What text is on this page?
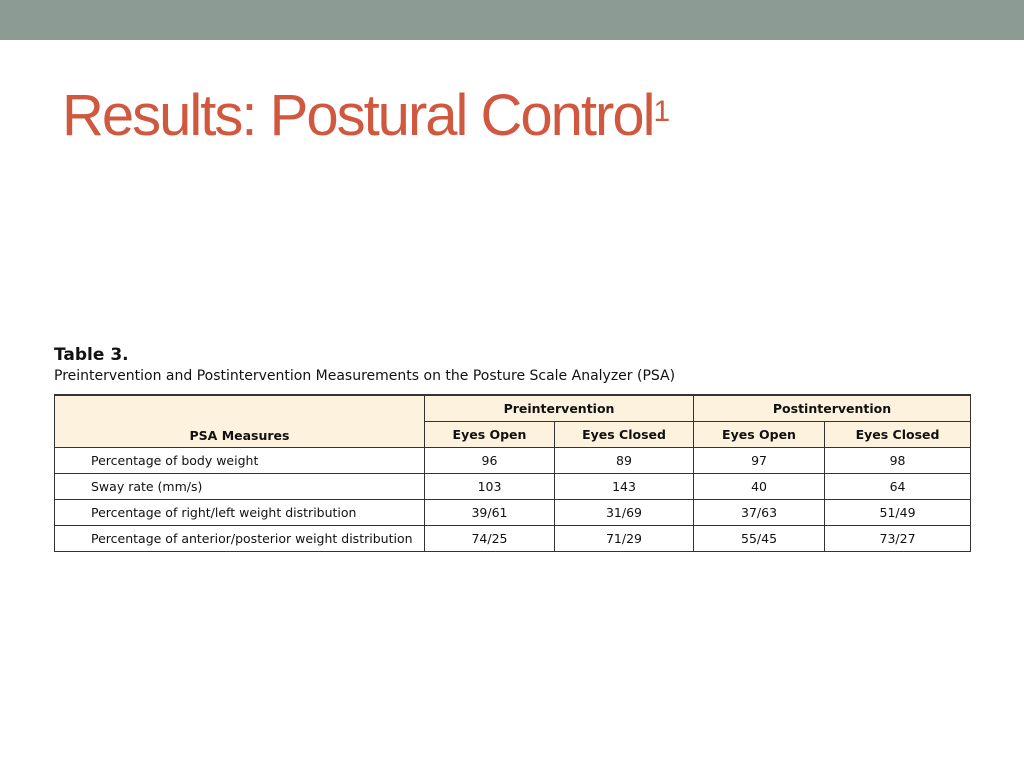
Results: Postural Control$^1$

Table 3.

Preintervention and Postintervention Measurements on the Posture Scale Analyzer (PSA)

PSA Measures	Preintervention		Postintervention	
	Eyes Open	Eyes Closed	Eyes Open	Eyes Closed
Percentage of body weight	96	89	97	98
Sway rate (mm/s)	103	143	40	64
Percentage of right/left weight distribution	39/61	31/69	37/63	51/49
Percentage of anterior/posterior weight distribution	74/25	71/29	55/45	73/27
